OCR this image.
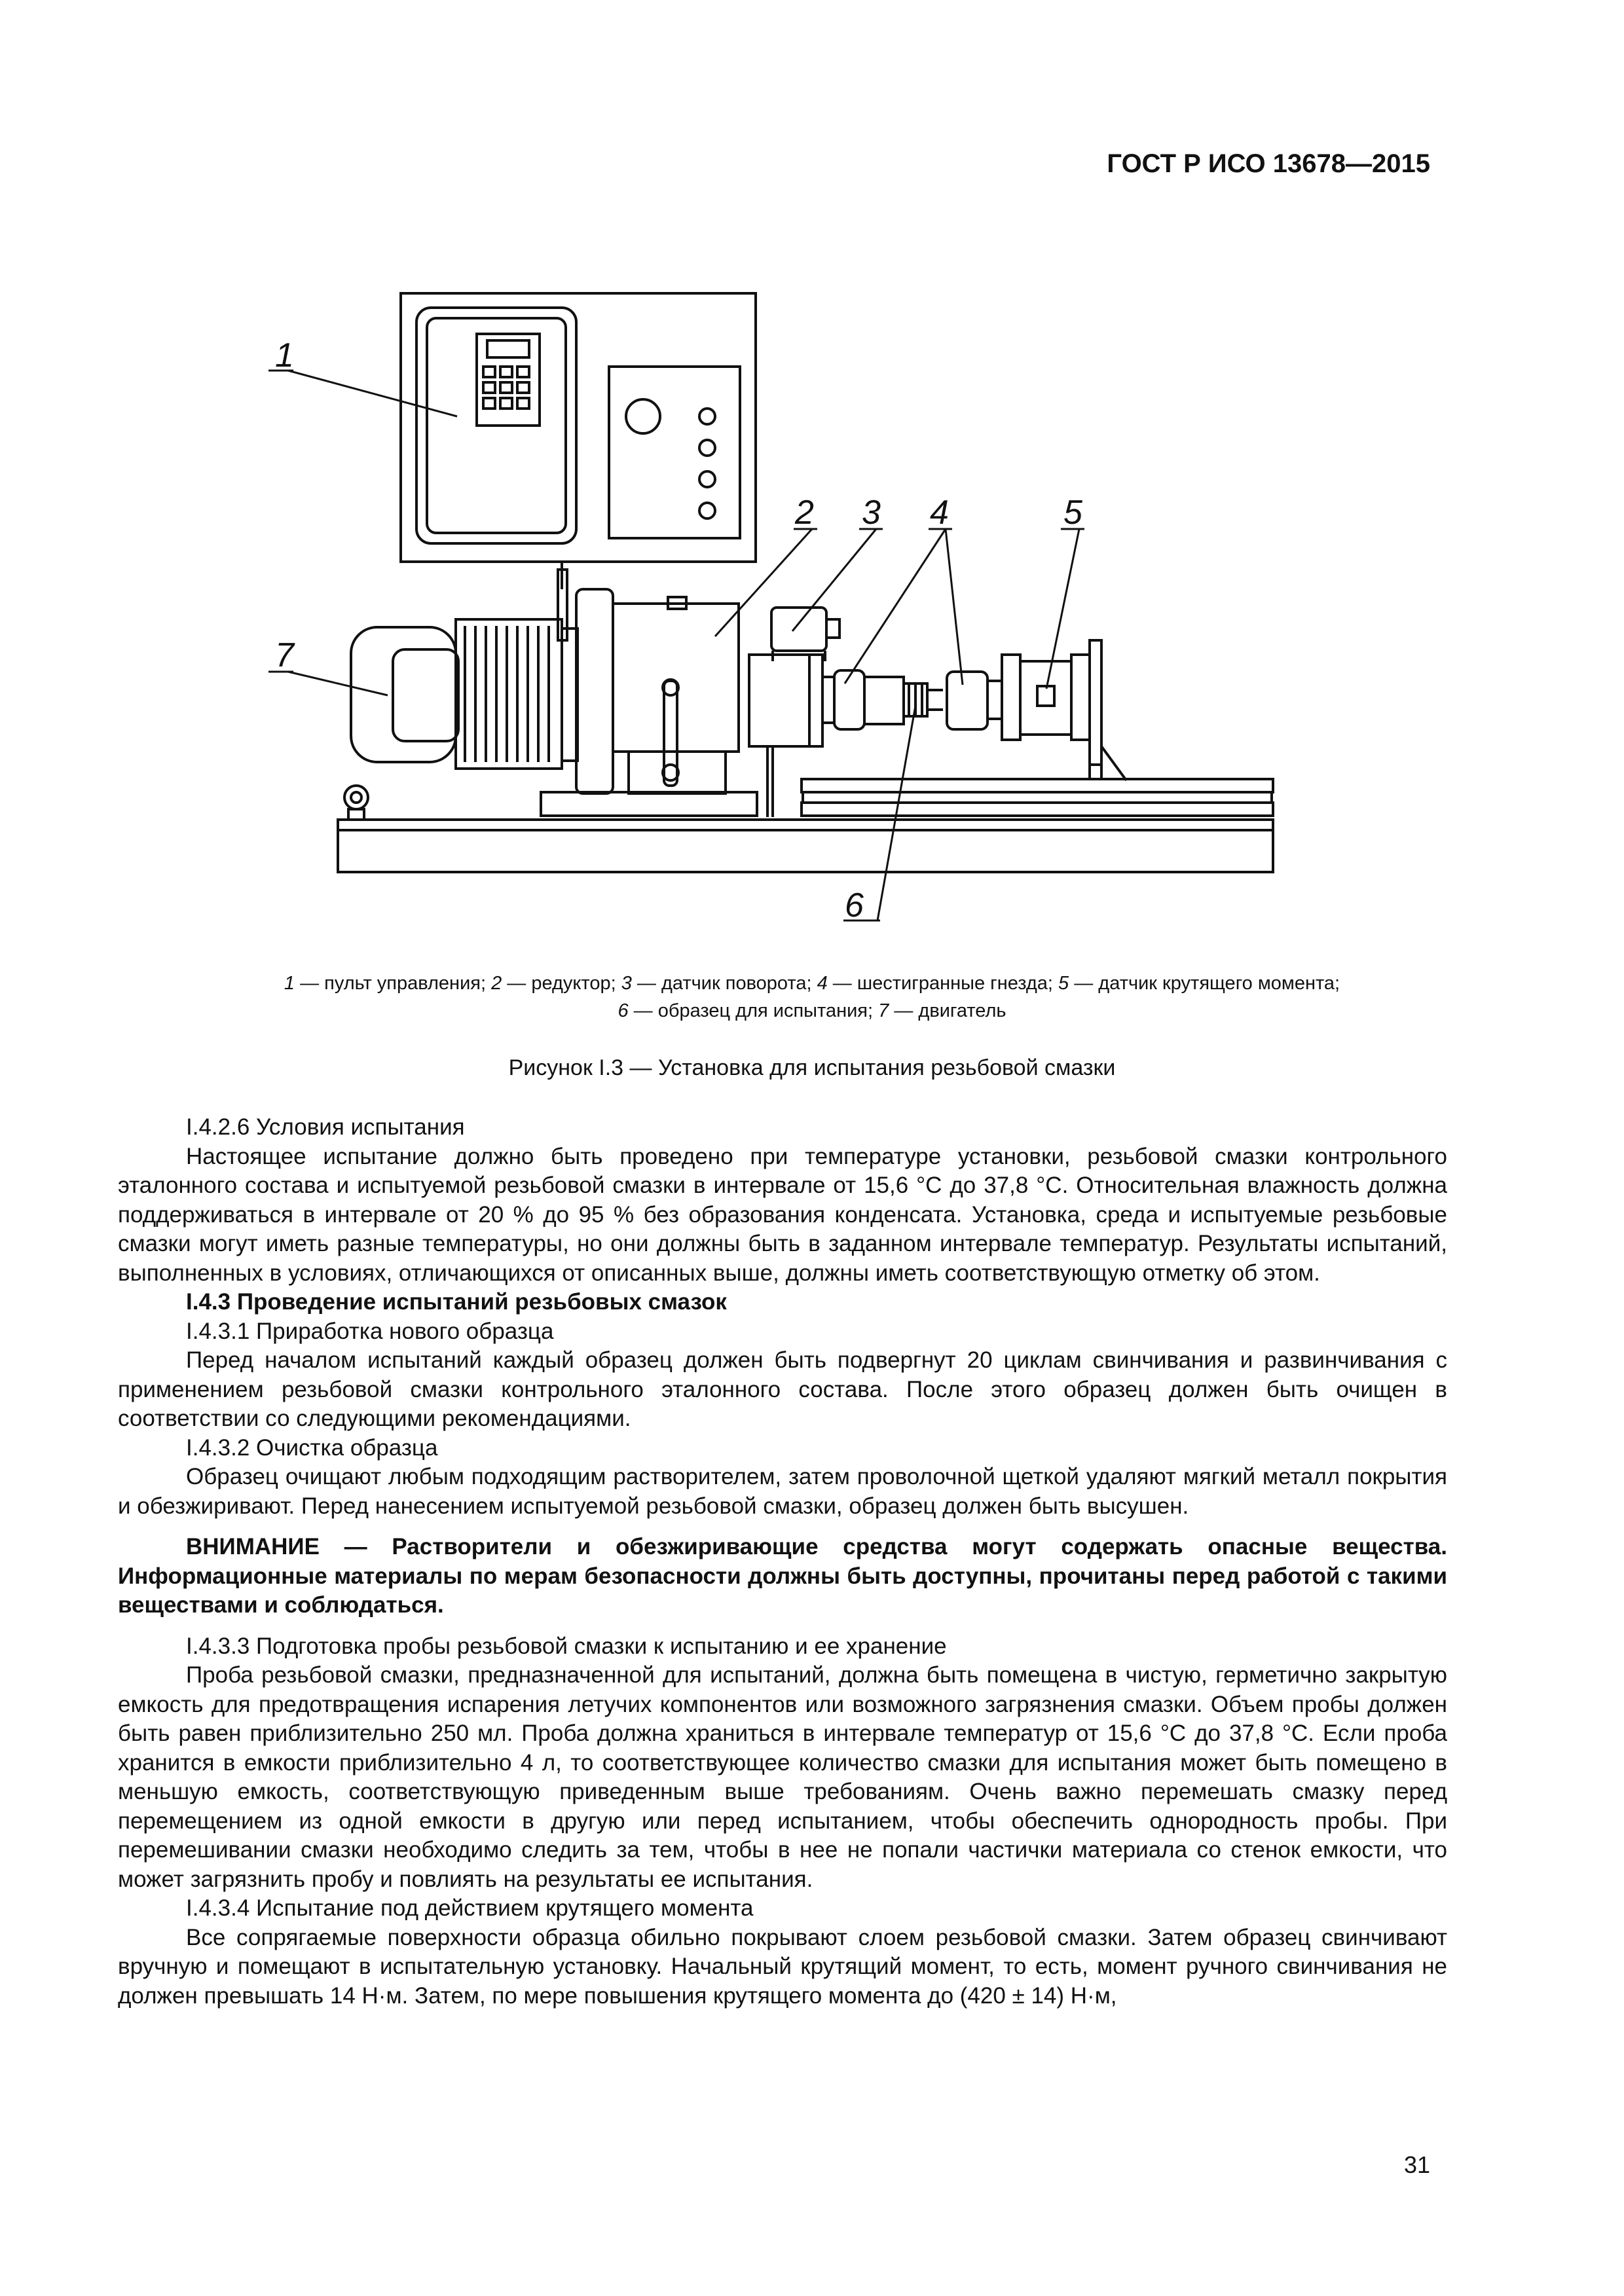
ГОСТ Р ИСО 13678—2015
1
2 3 4	5
6
7
1 — пульт управления; 2 — редуктор; 3 — датчик поворота; 4 — шестигранные гнезда; 5 — датчик крутящего момента;
6 — образец для испытания; 7 — двигатель
Рисунок I.3 — Установка для испытания резьбовой смазки

I.4.2.6 Условия испытания

Настоящее испытание должно быть проведено при температуре установки, резьбовой смазки контрольного эталонного состава и испытуемой резьбовой смазки в интервале от 15,6 °С до 37,8 °С. Относительная влажность должна поддерживаться в интервале от 20 % до 95 % без образования конденсата. Установка, среда и испытуемые резьбовые смазки могут иметь разные температуры, но они должны быть в заданном интервале температур. Результаты испытаний, выполненных в условиях, отличающихся от описанных выше, должны иметь соответствующую отметку об этом.

I.4.3 Проведение испытаний резьбовых смазок

I.4.3.1 Приработка нового образца

Перед началом испытаний каждый образец должен быть подвергнут 20 циклам свинчивания и развинчивания с применением резьбовой смазки контрольного эталонного состава. После этого образец должен быть очищен в соответствии со следующими рекомендациями.

I.4.3.2 Очистка образца

Образец очищают любым подходящим растворителем, затем проволочной щеткой удаляют мягкий металл покрытия и обезжиривают. Перед нанесением испытуемой резьбовой смазки, образец должен быть высушен.

ВНИМАНИЕ — Растворители и обезжиривающие средства могут содержать опасные вещества. Информационные материалы по мерам безопасности должны быть доступны, прочитаны перед работой с такими веществами и соблюдаться.

I.4.3.3 Подготовка пробы резьбовой смазки к испытанию и ее хранение

Проба резьбовой смазки, предназначенной для испытаний, должна быть помещена в чистую, герметично закрытую емкость для предотвращения испарения летучих компонентов или возможного загрязнения смазки. Объем пробы должен быть равен приблизительно 250 мл. Проба должна храниться в интервале температур от 15,6 °С до 37,8 °С. Если проба хранится в емкости приблизительно 4 л, то соответствующее количество смазки для испытания может быть помещено в меньшую емкость, соответствующую приведенным выше требованиям. Очень важно перемешать смазку перед перемещением из одной емкости в другую или перед испытанием, чтобы обеспечить однородность пробы. При перемешивании смазки необходимо следить за тем, чтобы в нее не попали частички материала со стенок емкости, что может загрязнить пробу и повлиять на результаты ее испытания.

I.4.3.4 Испытание под действием крутящего момента

Все сопрягаемые поверхности образца обильно покрывают слоем резьбовой смазки. Затем образец свинчивают вручную и помещают в испытательную установку. Начальный крутящий момент, то есть, момент ручного свинчивания не должен превышать 14 Н·м. Затем, по мере повышения крутящего момента до (420 ± 14) Н·м,

31
